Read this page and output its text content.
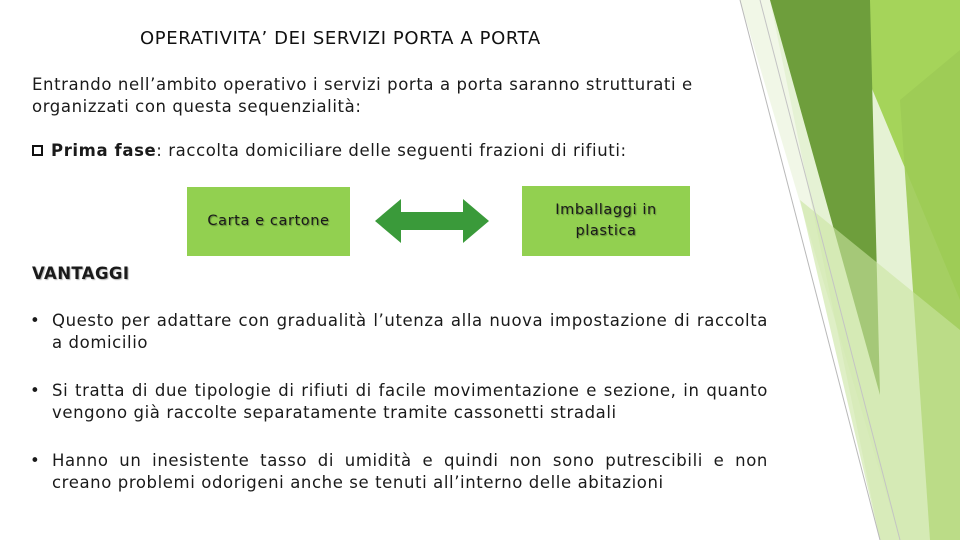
OPERATIVITA’ DEI SERVIZI PORTA A PORTA
Entrando nell’ambito operativo i servizi porta a porta saranno strutturati e organizzati con questa sequenzialità:
Prima fase : raccolta domiciliare delle seguenti frazioni di rifiuti:
Carta e cartone
Imballaggi in plastica
VANTAGGI
• Questo per adattare con gradualità l’utenza alla nuova impostazione di raccolta a domicilio
• Si tratta di due tipologie di rifiuti di facile movimentazione e sezione, in quanto vengono già raccolte separatamente tramite cassonetti stradali
• Hanno un inesistente tasso di umidità e quindi non sono putrescibili e non creano problemi odorigeni anche se tenuti all’interno delle abitazioni
